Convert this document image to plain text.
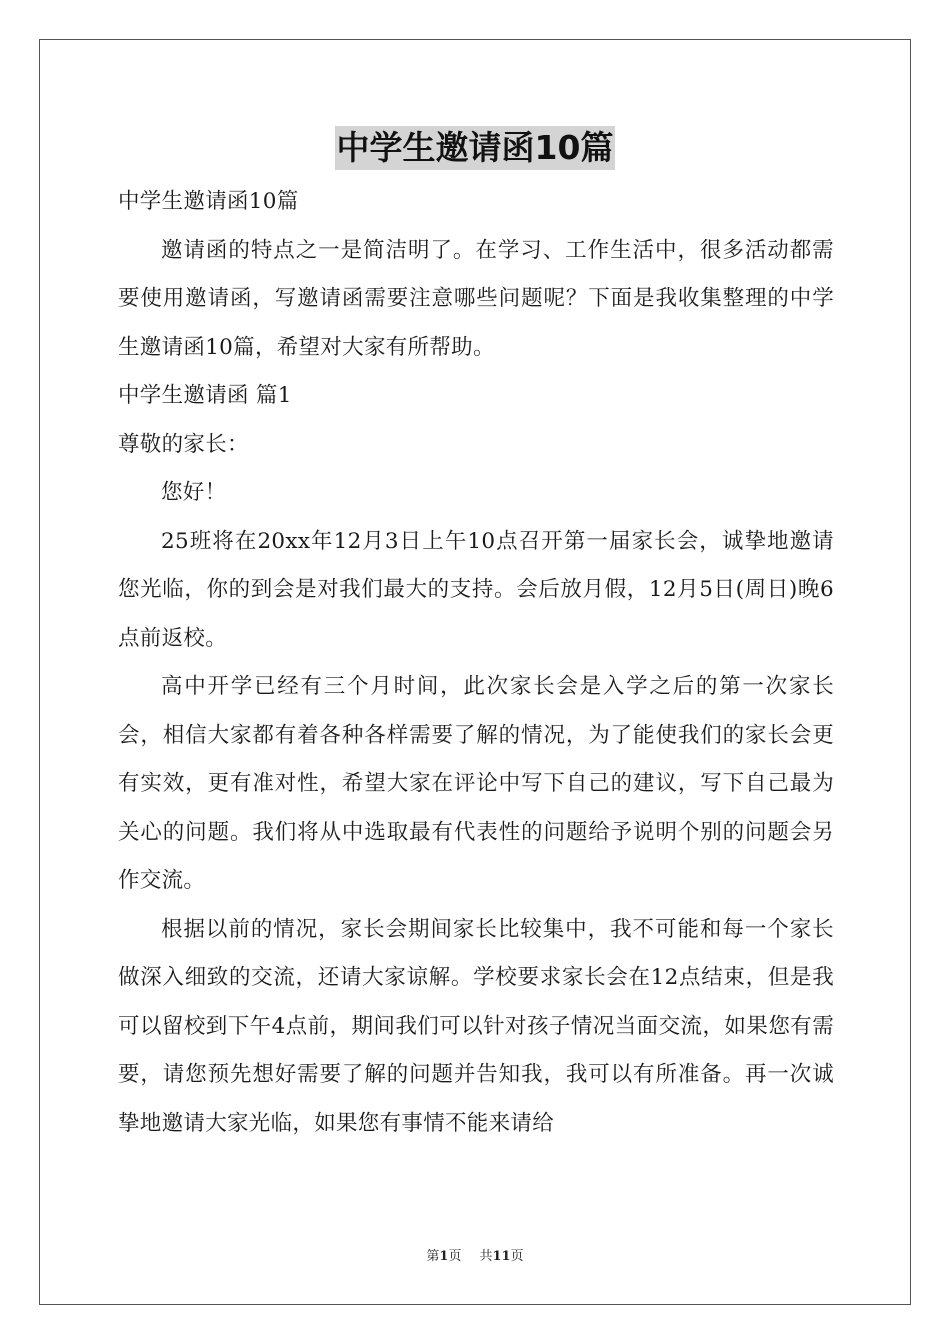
中学生邀请函10篇

中学生邀请函10篇

邀请函的特点之一是简洁明了。在学习、工作生活中，很多活动都需要使用邀请函，写邀请函需要注意哪些问题呢？下面是我收集整理的中学生邀请函10篇，希望对大家有所帮助。

中学生邀请函 篇1

尊敬的家长：

您好！

25班将在20xx年12月3日上午10点召开第一届家长会，诚挚地邀请您光临，你的到会是对我们最大的支持。会后放月假，12月5日(周日)晚6点前返校。

高中开学已经有三个月时间，此次家长会是入学之后的第一次家长会，相信大家都有着各种各样需要了解的情况，为了能使我们的家长会更有实效，更有准对性，希望大家在评论中写下自己的建议，写下自己最为关心的问题。我们将从中选取最有代表性的问题给予说明个别的问题会另作交流。

根据以前的情况，家长会期间家长比较集中，我不可能和每一个家长做深入细致的交流，还请大家谅解。学校要求家长会在12点结束，但是我可以留校到下午4点前，期间我们可以针对孩子情况当面交流，如果您有需要，请您预先想好需要了解的问题并告知我，我可以有所准备。再一次诚挚地邀请大家光临，如果您有事情不能来请给

第1页 共11页
